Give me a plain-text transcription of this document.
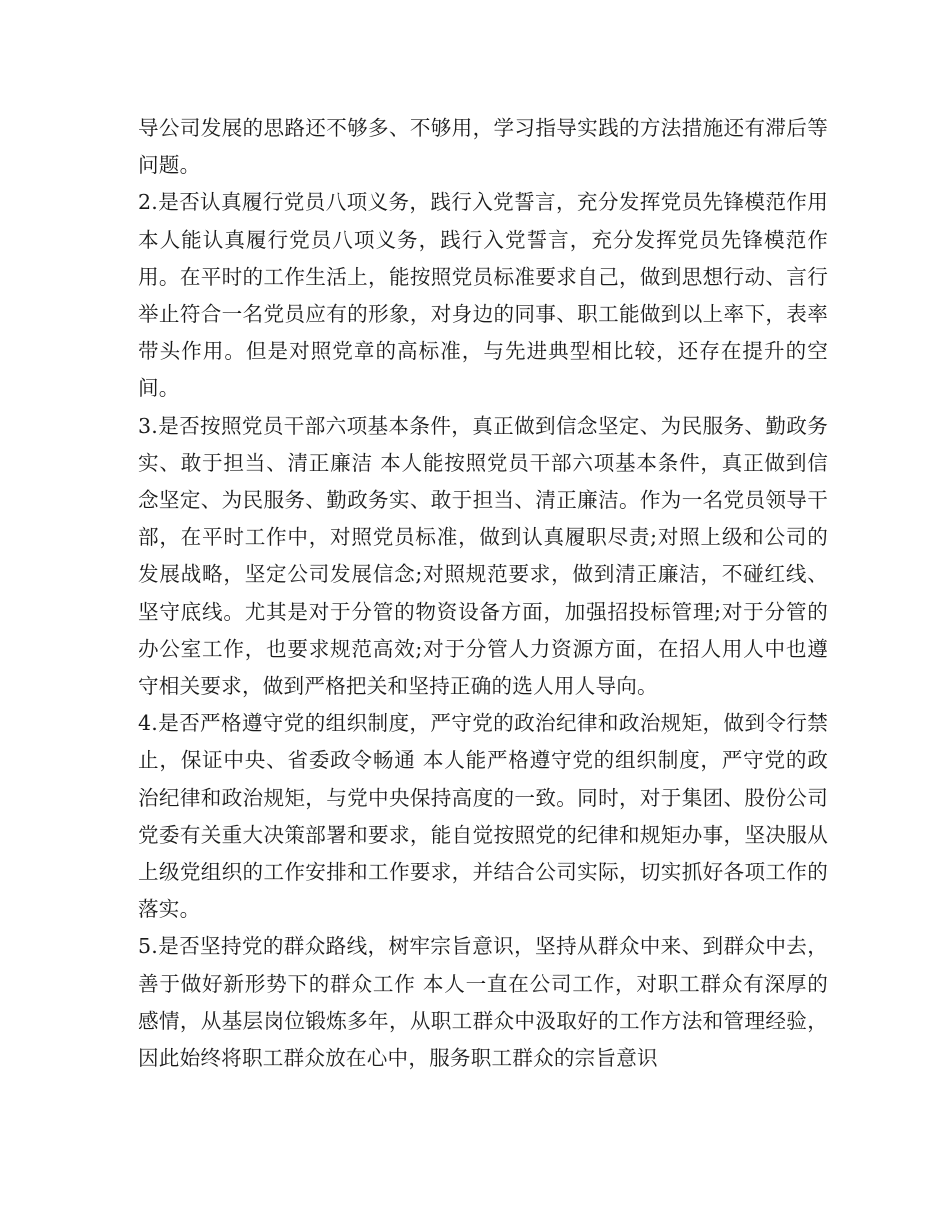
导公司发展的思路还不够多、不够用，学习指导实践的方法措施还有滞后等问题。

2.是否认真履行党员八项义务，践行入党誓言，充分发挥党员先锋模范作用 本人能认真履行党员八项义务，践行入党誓言，充分发挥党员先锋模范作用。在平时的工作生活上，能按照党员标准要求自己，做到思想行动、言行举止符合一名党员应有的形象，对身边的同事、职工能做到以上率下，表率带头作用。但是对照党章的高标准，与先进典型相比较，还存在提升的空间。

3.是否按照党员干部六项基本条件，真正做到信念坚定、为民服务、勤政务实、敢于担当、清正廉洁 本人能按照党员干部六项基本条件，真正做到信念坚定、为民服务、勤政务实、敢于担当、清正廉洁。作为一名党员领导干部，在平时工作中，对照党员标准，做到认真履职尽责;对照上级和公司的发展战略，坚定公司发展信念;对照规范要求，做到清正廉洁，不碰红线、坚守底线。尤其是对于分管的物资设备方面，加强招投标管理;对于分管的办公室工作，也要求规范高效;对于分管人力资源方面，在招人用人中也遵守相关要求，做到严格把关和坚持正确的选人用人导向。

4.是否严格遵守党的组织制度，严守党的政治纪律和政治规矩，做到令行禁止，保证中央、省委政令畅通 本人能严格遵守党的组织制度，严守党的政治纪律和政治规矩，与党中央保持高度的一致。同时，对于集团、股份公司党委有关重大决策部署和要求，能自觉按照党的纪律和规矩办事，坚决服从上级党组织的工作安排和工作要求，并结合公司实际，切实抓好各项工作的落实。

5.是否坚持党的群众路线，树牢宗旨意识，坚持从群众中来、到群众中去，善于做好新形势下的群众工作 本人一直在公司工作，对职工群众有深厚的感情，从基层岗位锻炼多年，从职工群众中汲取好的工作方法和管理经验，因此始终将职工群众放在心中，服务职工群众的宗旨意识
